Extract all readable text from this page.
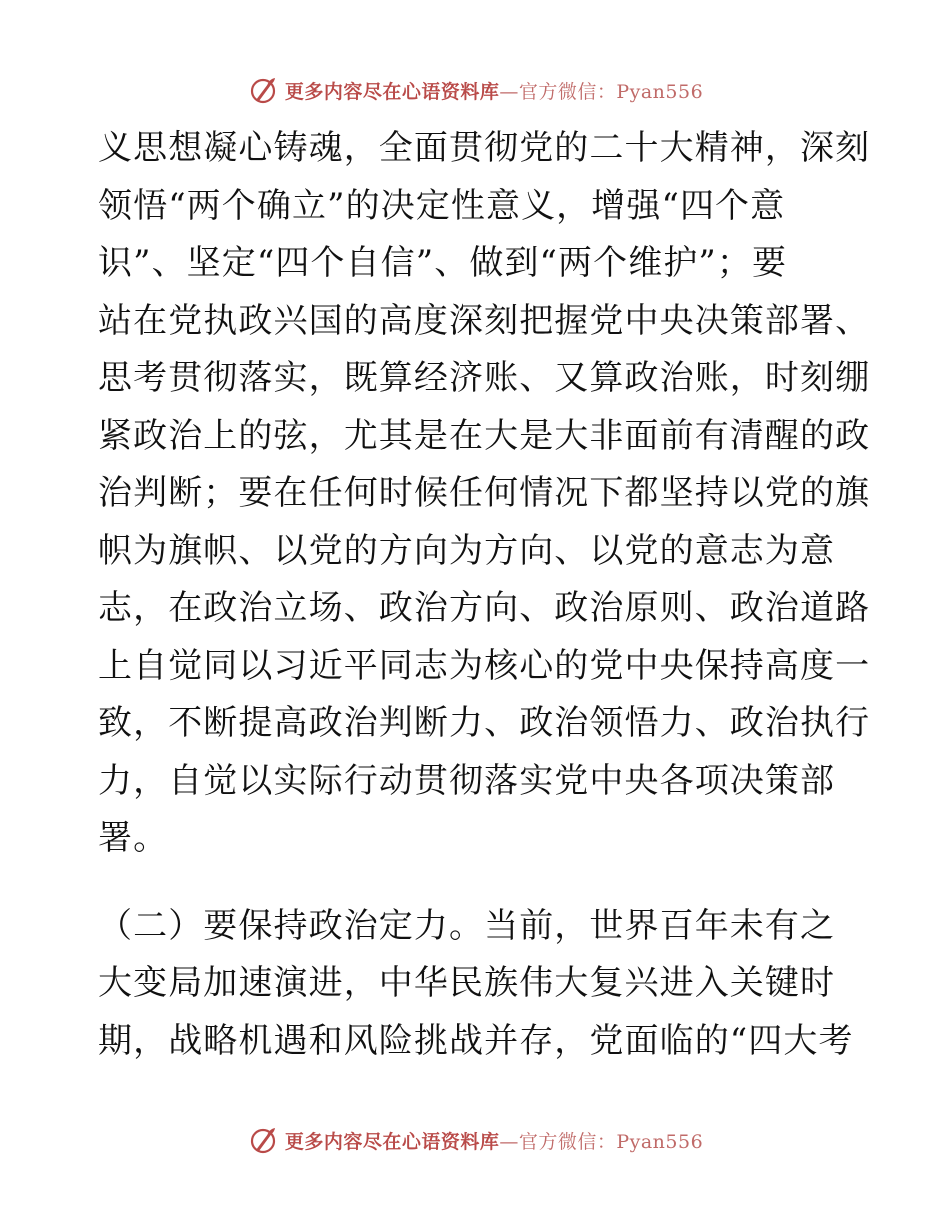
更多内容尽在心语资料库—官方微信：Pyan556
义思想凝心铸魂，全面贯彻党的二十大精神，深刻
领悟“两个确立”的决定性意义，增强“四个意
识”、坚定“四个自信”、做到“两个维护”；要
站在党执政兴国的高度深刻把握党中央决策部署、
思考贯彻落实，既算经济账、又算政治账，时刻绷
紧政治上的弦，尤其是在大是大非面前有清醒的政
治判断；要在任何时候任何情况下都坚持以党的旗
帜为旗帜、以党的方向为方向、以党的意志为意
志，在政治立场、政治方向、政治原则、政治道路
上自觉同以习近平同志为核心的党中央保持高度一
致，不断提高政治判断力、政治领悟力、政治执行
力，自觉以实际行动贯彻落实党中央各项决策部
署。
（二）要保持政治定力。当前，世界百年未有之
大变局加速演进，中华民族伟大复兴进入关键时
期，战略机遇和风险挑战并存，党面临的“四大考
更多内容尽在心语资料库—官方微信：Pyan556
